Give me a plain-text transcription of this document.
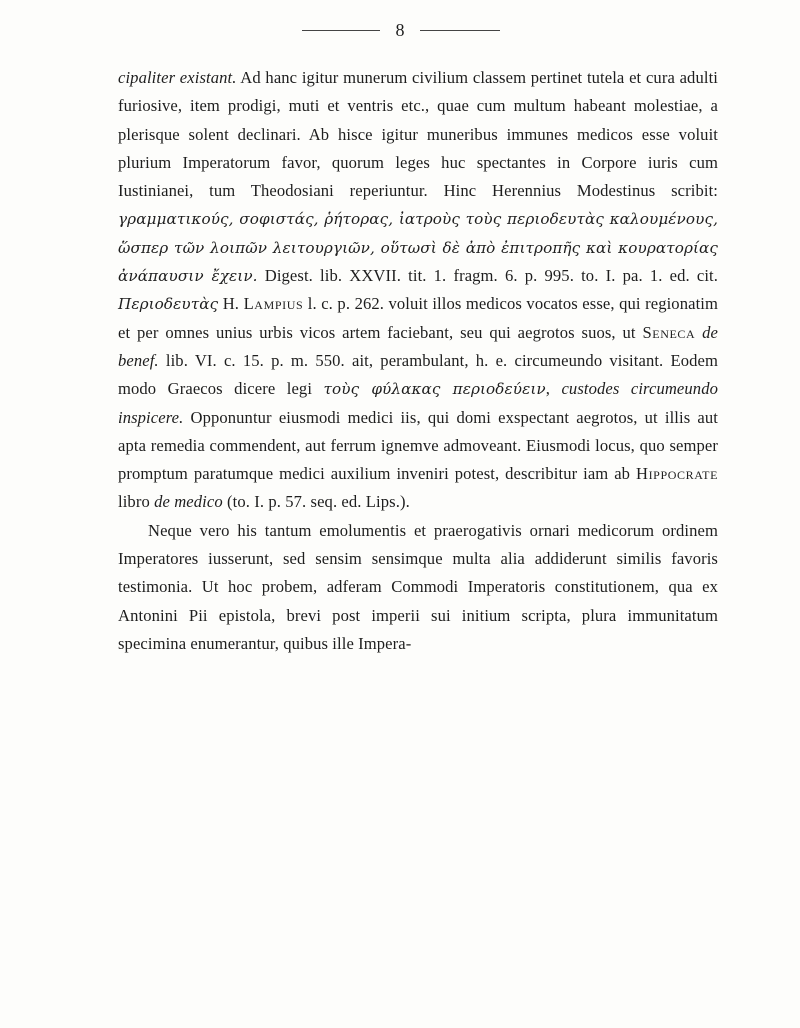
8

cipaliter existant. Ad hanc igitur munerum civilium classem pertinet tutela et cura adulti furiosive, item prodigi, muti et ventris etc., quae cum multum habeant molestiae, a plerisque solent declinari. Ab hisce igitur muneribus immunes medicos esse voluit plurium Imperatorum favor, quorum leges huc spectantes in Corpore iuris cum Iustinianei, tum Theodosiani reperiuntur. Hinc Herennius Modestinus scribit: γραμματικούς, σοφιστάς, ῥήτορας, ἰατροὺς τοὺς περιοδευτὰς καλουμένους, ὥσπερ τῶν λοιπῶν λειτουργιῶν, οὕτωσὶ δὲ ἀπὸ ἐπιτροπῆς καὶ κουρατορίας ἀνάπαυσιν ἔχειν. Digest. lib. XXVII. tit. 1. fragm. 6. p. 995. to. I. pa. 1. ed. cit. Περιοδευτὰς H. Lampius l. c. p. 262. voluit illos medicos vocatos esse, qui regionatim et per omnes unius urbis vicos artem faciebant, seu qui aegrotos suos, ut Seneca de benef. lib. VI. c. 15. p. m. 550. ait, perambulant, h. e. circumeundo visitant. Eodem modo Graecos dicere legi τοὺς φύλακας περιοδεύειν, custodes circumeundo inspicere. Opponuntur eiusmodi medici iis, qui domi exspectant aegrotos, ut illis aut apta remedia commendent, aut ferrum ignemve admoveant. Eiusmodi locus, quo semper promptum paratumque medici auxilium inveniri potest, describitur iam ab Hippocrate libro de medico (to. I. p. 57. seq. ed. Lips.).

Neque vero his tantum emolumentis et praerogativis ornari medicorum ordinem Imperatores iusserunt, sed sensim sensimque multa alia addiderunt similis favoris testimonia. Ut hoc probem, adferam Commodi Imperatoris constitutionem, qua ex Antonini Pii epistola, brevi post imperii sui initium scripta, plura immunitatum specimina enumerantur, quibus ille Impera-
